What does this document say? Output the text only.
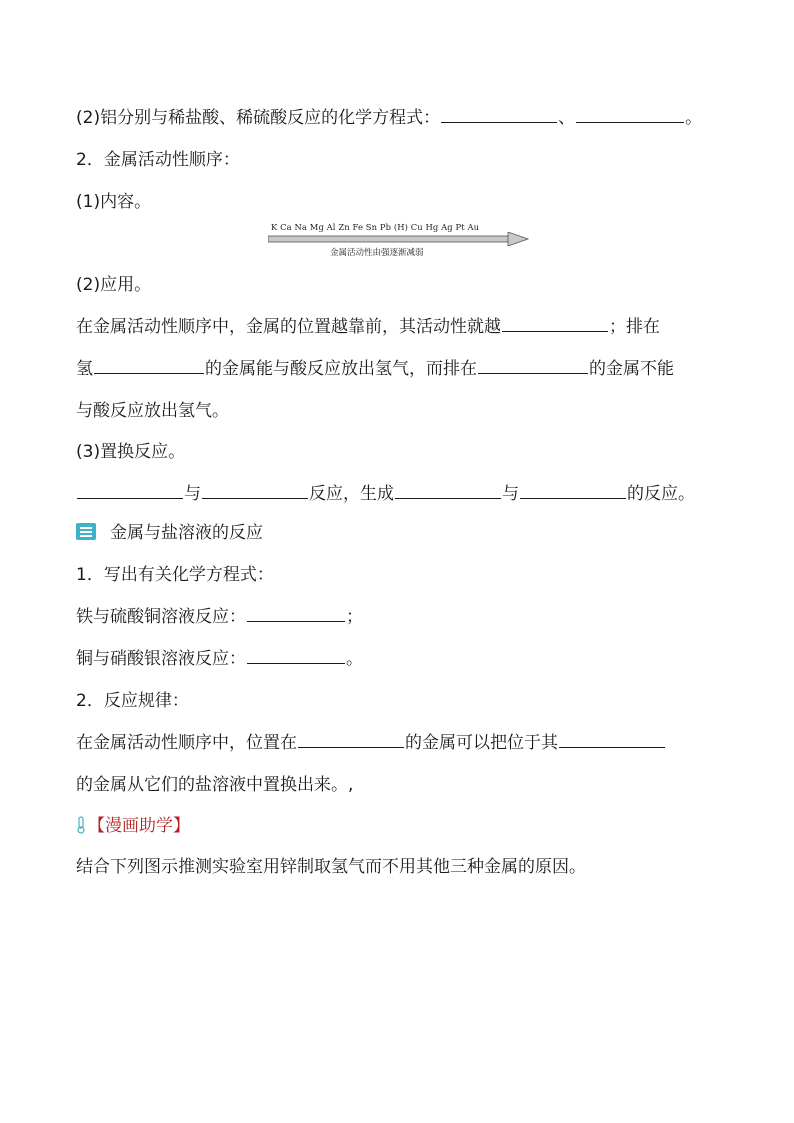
(2)铝分别与稀盐酸、稀硫酸反应的化学方程式：	、	。
2．金属活动性顺序：
(1)内容。
K Ca Na Mg Al Zn Fe Sn Pb (H) Cu Hg Ag Pt Au
金属活动性由强逐渐减弱
(2)应用。
在金属活动性顺序中，金属的位置越靠前，其活动性就越	；排在
氢	的金属能与酸反应放出氢气，而排在	的金属不能
与酸反应放出氢气。
(3)置换反应。
与	反应，生成	与	的反应。
金属与盐溶液的反应
1．写出有关化学方程式：
铁与硫酸铜溶液反应：	；
铜与硝酸银溶液反应：	。
2．反应规律：
在金属活动性顺序中，位置在	的金属可以把位于其
的金属从它们的盐溶液中置换出来。,
【漫画助学】
结合下列图示推测实验室用锌制取氢气而不用其他三种金属的原因。
